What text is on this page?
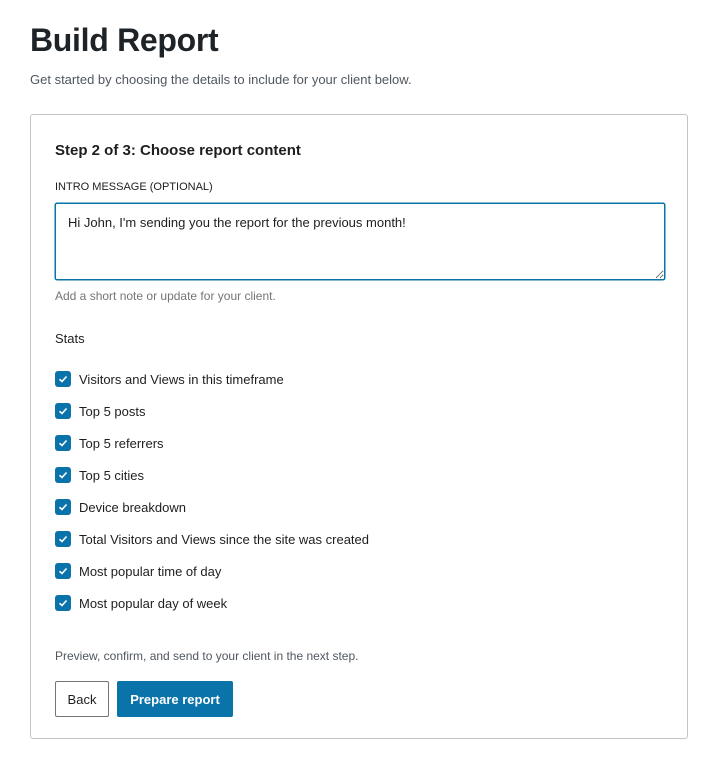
Build Report

Get started by choosing the details to include for your client below.

Step 2 of 3: Choose report content
INTRO MESSAGE (OPTIONAL)
Hi John, I'm sending you the report for the previous month!
Add a short note or update for your client.
Stats
Visitors and Views in this timeframe
Top 5 posts
Top 5 referrers
Top 5 cities
Device breakdown
Total Visitors and Views since the site was created
Most popular time of day
Most popular day of week
Preview, confirm, and send to your client in the next step.
Back	Prepare report
